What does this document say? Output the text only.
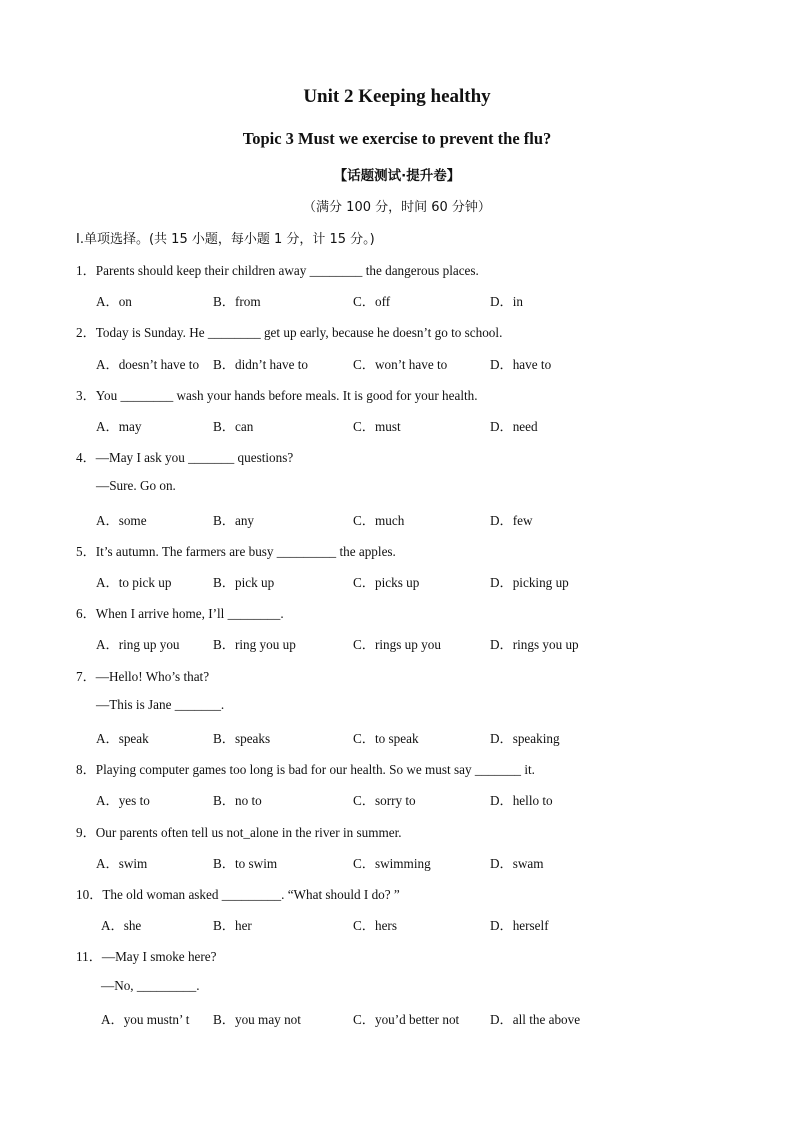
Unit 2 Keeping healthy
Topic 3 Must we exercise to prevent the flu?
【话题测试·提升卷】
（满分 100 分，时间 60 分钟）
I.单项选择。(共 15 小题，每小题 1 分，计 15 分。)
1．Parents should keep their children away ________ the dangerous places.
A．on	B．from	C．off	D．in
2．Today is Sunday. He ________ get up early, because he doesn’t go to school.
A．doesn’t have to B．didn’t have to	C．won’t have to	D．have to
3．You ________ wash your hands before meals. It is good for your health.
A．may	B．can	C．must	D．need
4．—May I ask you _______ questions?
—Sure. Go on.
A．some	B．any	C．much	D．few
5．It’s autumn. The farmers are busy _________ the apples.
A．to pick up	B．pick up	C．picks up	D．picking up
6．When I arrive home, I’ll ________.
A．ring up you	B．ring you up	C．rings up you	D．rings you up
7．—Hello! Who’s that?
—This is Jane _______.
A．speak	B．speaks	C．to speak	D．speaking
8．Playing computer games too long is bad for our health. So we must say _______ it.
A．yes to	B．no to	C．sorry to	D．hello to
9．Our parents often tell us not_alone in the river in summer.
A．swim	B．to swim	C．swimming	D．swam
10．The old woman asked _________. “What should I do? ”
A．she	B．her	C．hers	D．herself
11．—May I smoke here?
—No, _________.
A．you mustn’ t B．you may not	C．you’d better not D．all the above
